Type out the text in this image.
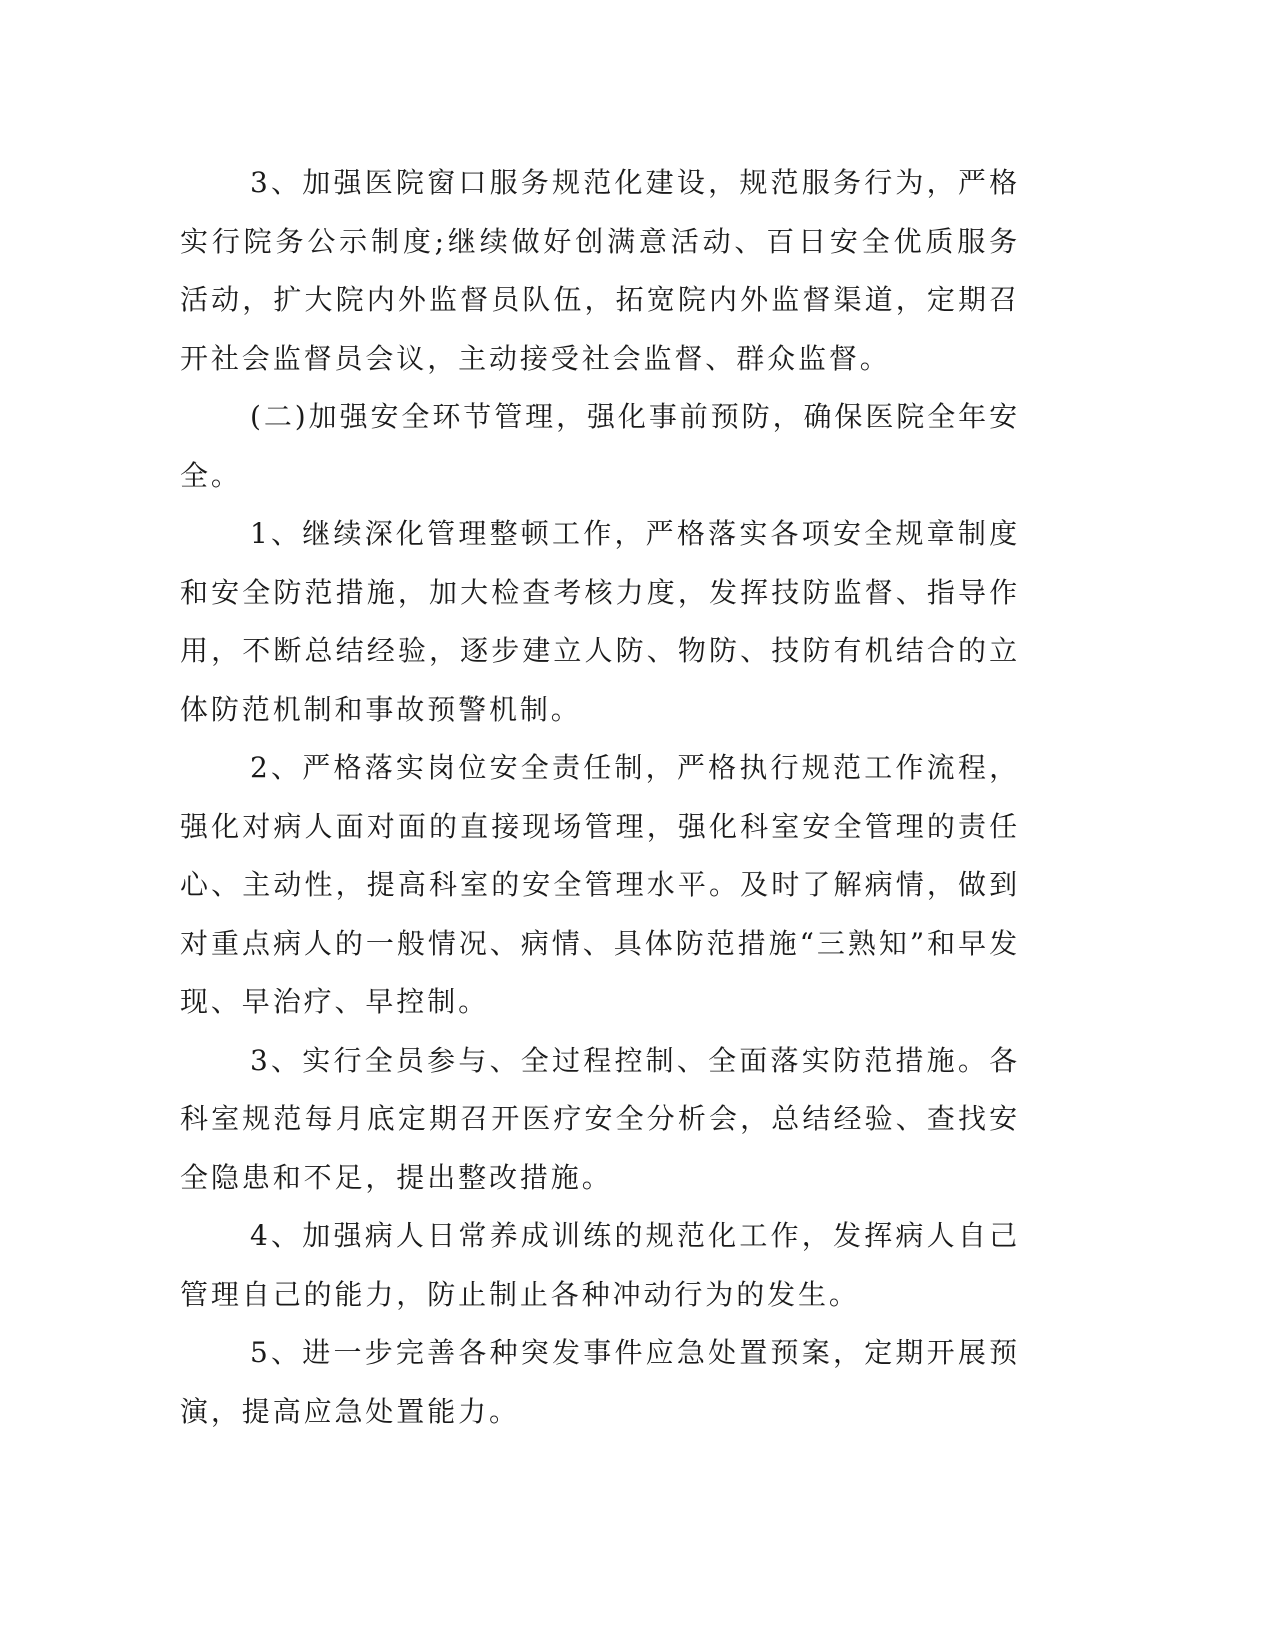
3、加强医院窗口服务规范化建设，规范服务行为，严格实行院务公示制度;继续做好创满意活动、百日安全优质服务活动，扩大院内外监督员队伍，拓宽院内外监督渠道，定期召开社会监督员会议，主动接受社会监督、群众监督。

(二)加强安全环节管理，强化事前预防，确保医院全年安全。

1、继续深化管理整顿工作，严格落实各项安全规章制度和安全防范措施，加大检查考核力度，发挥技防监督、指导作用，不断总结经验，逐步建立人防、物防、技防有机结合的立体防范机制和事故预警机制。

2、严格落实岗位安全责任制，严格执行规范工作流程，强化对病人面对面的直接现场管理，强化科室安全管理的责任心、主动性，提高科室的安全管理水平。及时了解病情，做到对重点病人的一般情况、病情、具体防范措施“三熟知”和早发现、早治疗、早控制。

3、实行全员参与、全过程控制、全面落实防范措施。各科室规范每月底定期召开医疗安全分析会，总结经验、查找安全隐患和不足，提出整改措施。

4、加强病人日常养成训练的规范化工作，发挥病人自己管理自己的能力，防止制止各种冲动行为的发生。

5、进一步完善各种突发事件应急处置预案，定期开展预演，提高应急处置能力。
